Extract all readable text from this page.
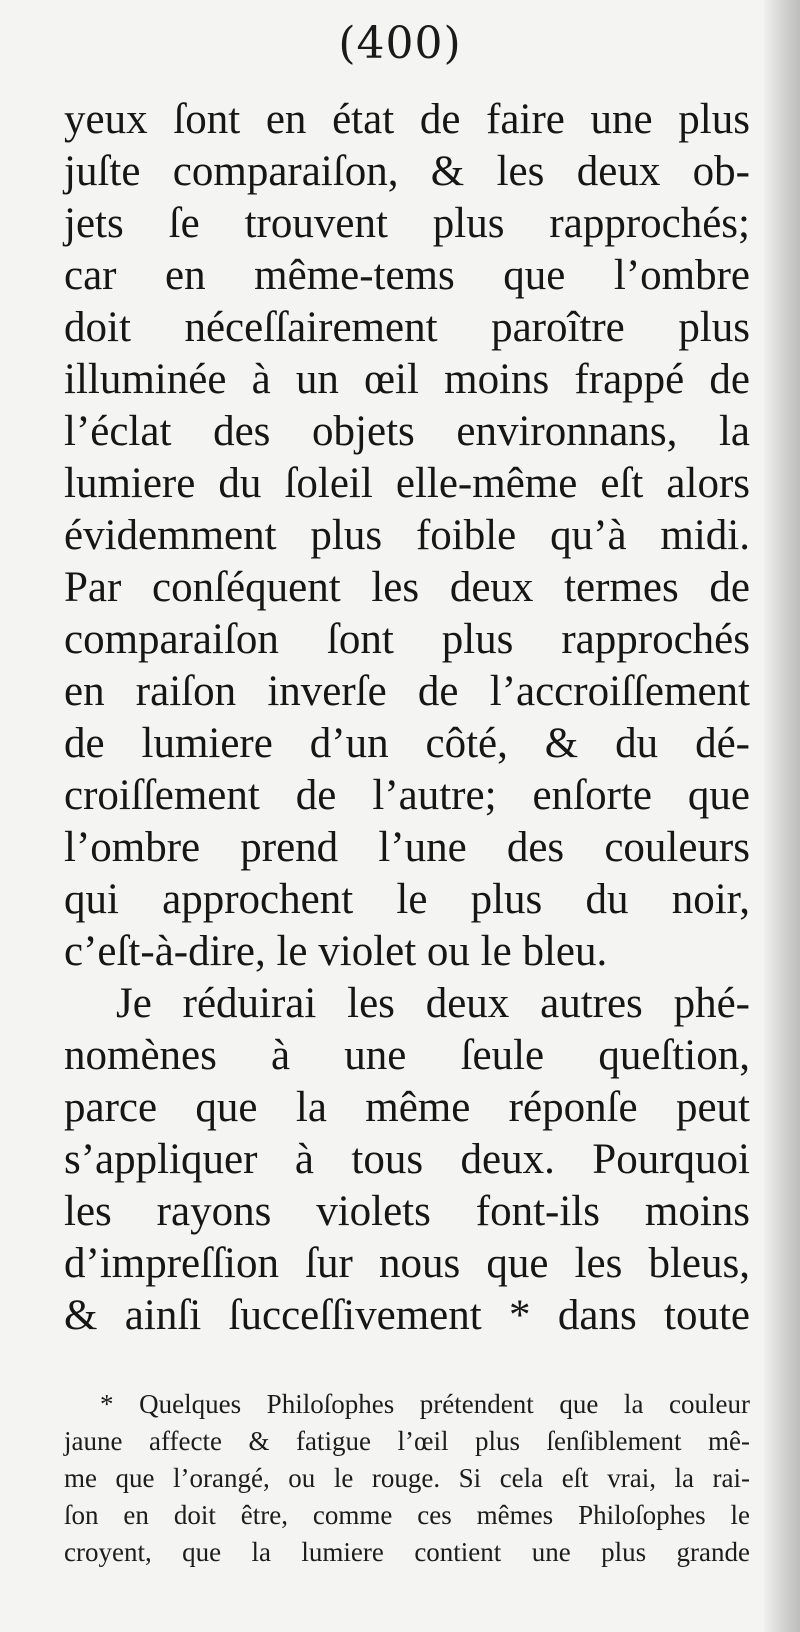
(400)
yeux ſont en état de faire une plus
juſte comparaiſon, & les deux ob-
jets ſe trouvent plus rapprochés;
car en même-tems que l’ombre
doit néceſſairement paroître plus
illuminée à un œil moins frappé de
l’éclat des objets environnans, la
lumiere du ſoleil elle-même eſt alors
évidemment plus foible qu’à midi.
Par conſéquent les deux termes de
comparaiſon ſont plus rapprochés
en raiſon inverſe de l’accroiſſement
de lumiere d’un côté, & du dé-
croiſſement de l’autre; enſorte que
l’ombre prend l’une des couleurs
qui approchent le plus du noir,
c’eſt-à-dire, le violet ou le bleu.
Je réduirai les deux autres phé-
nomènes à une ſeule queſtion,
parce que la même réponſe peut
s’appliquer à tous deux. Pourquoi
les rayons violets font-ils moins
d’impreſſion ſur nous que les bleus,
& ainſi ſucceſſivement * dans toute
* Quelques Philoſophes prétendent que la couleur
jaune affecte & fatigue l’œil plus ſenſiblement mê-
me que l’orangé, ou le rouge. Si cela eſt vrai, la rai-
ſon en doit être, comme ces mêmes Philoſophes le
croyent, que la lumiere contient une plus grande
